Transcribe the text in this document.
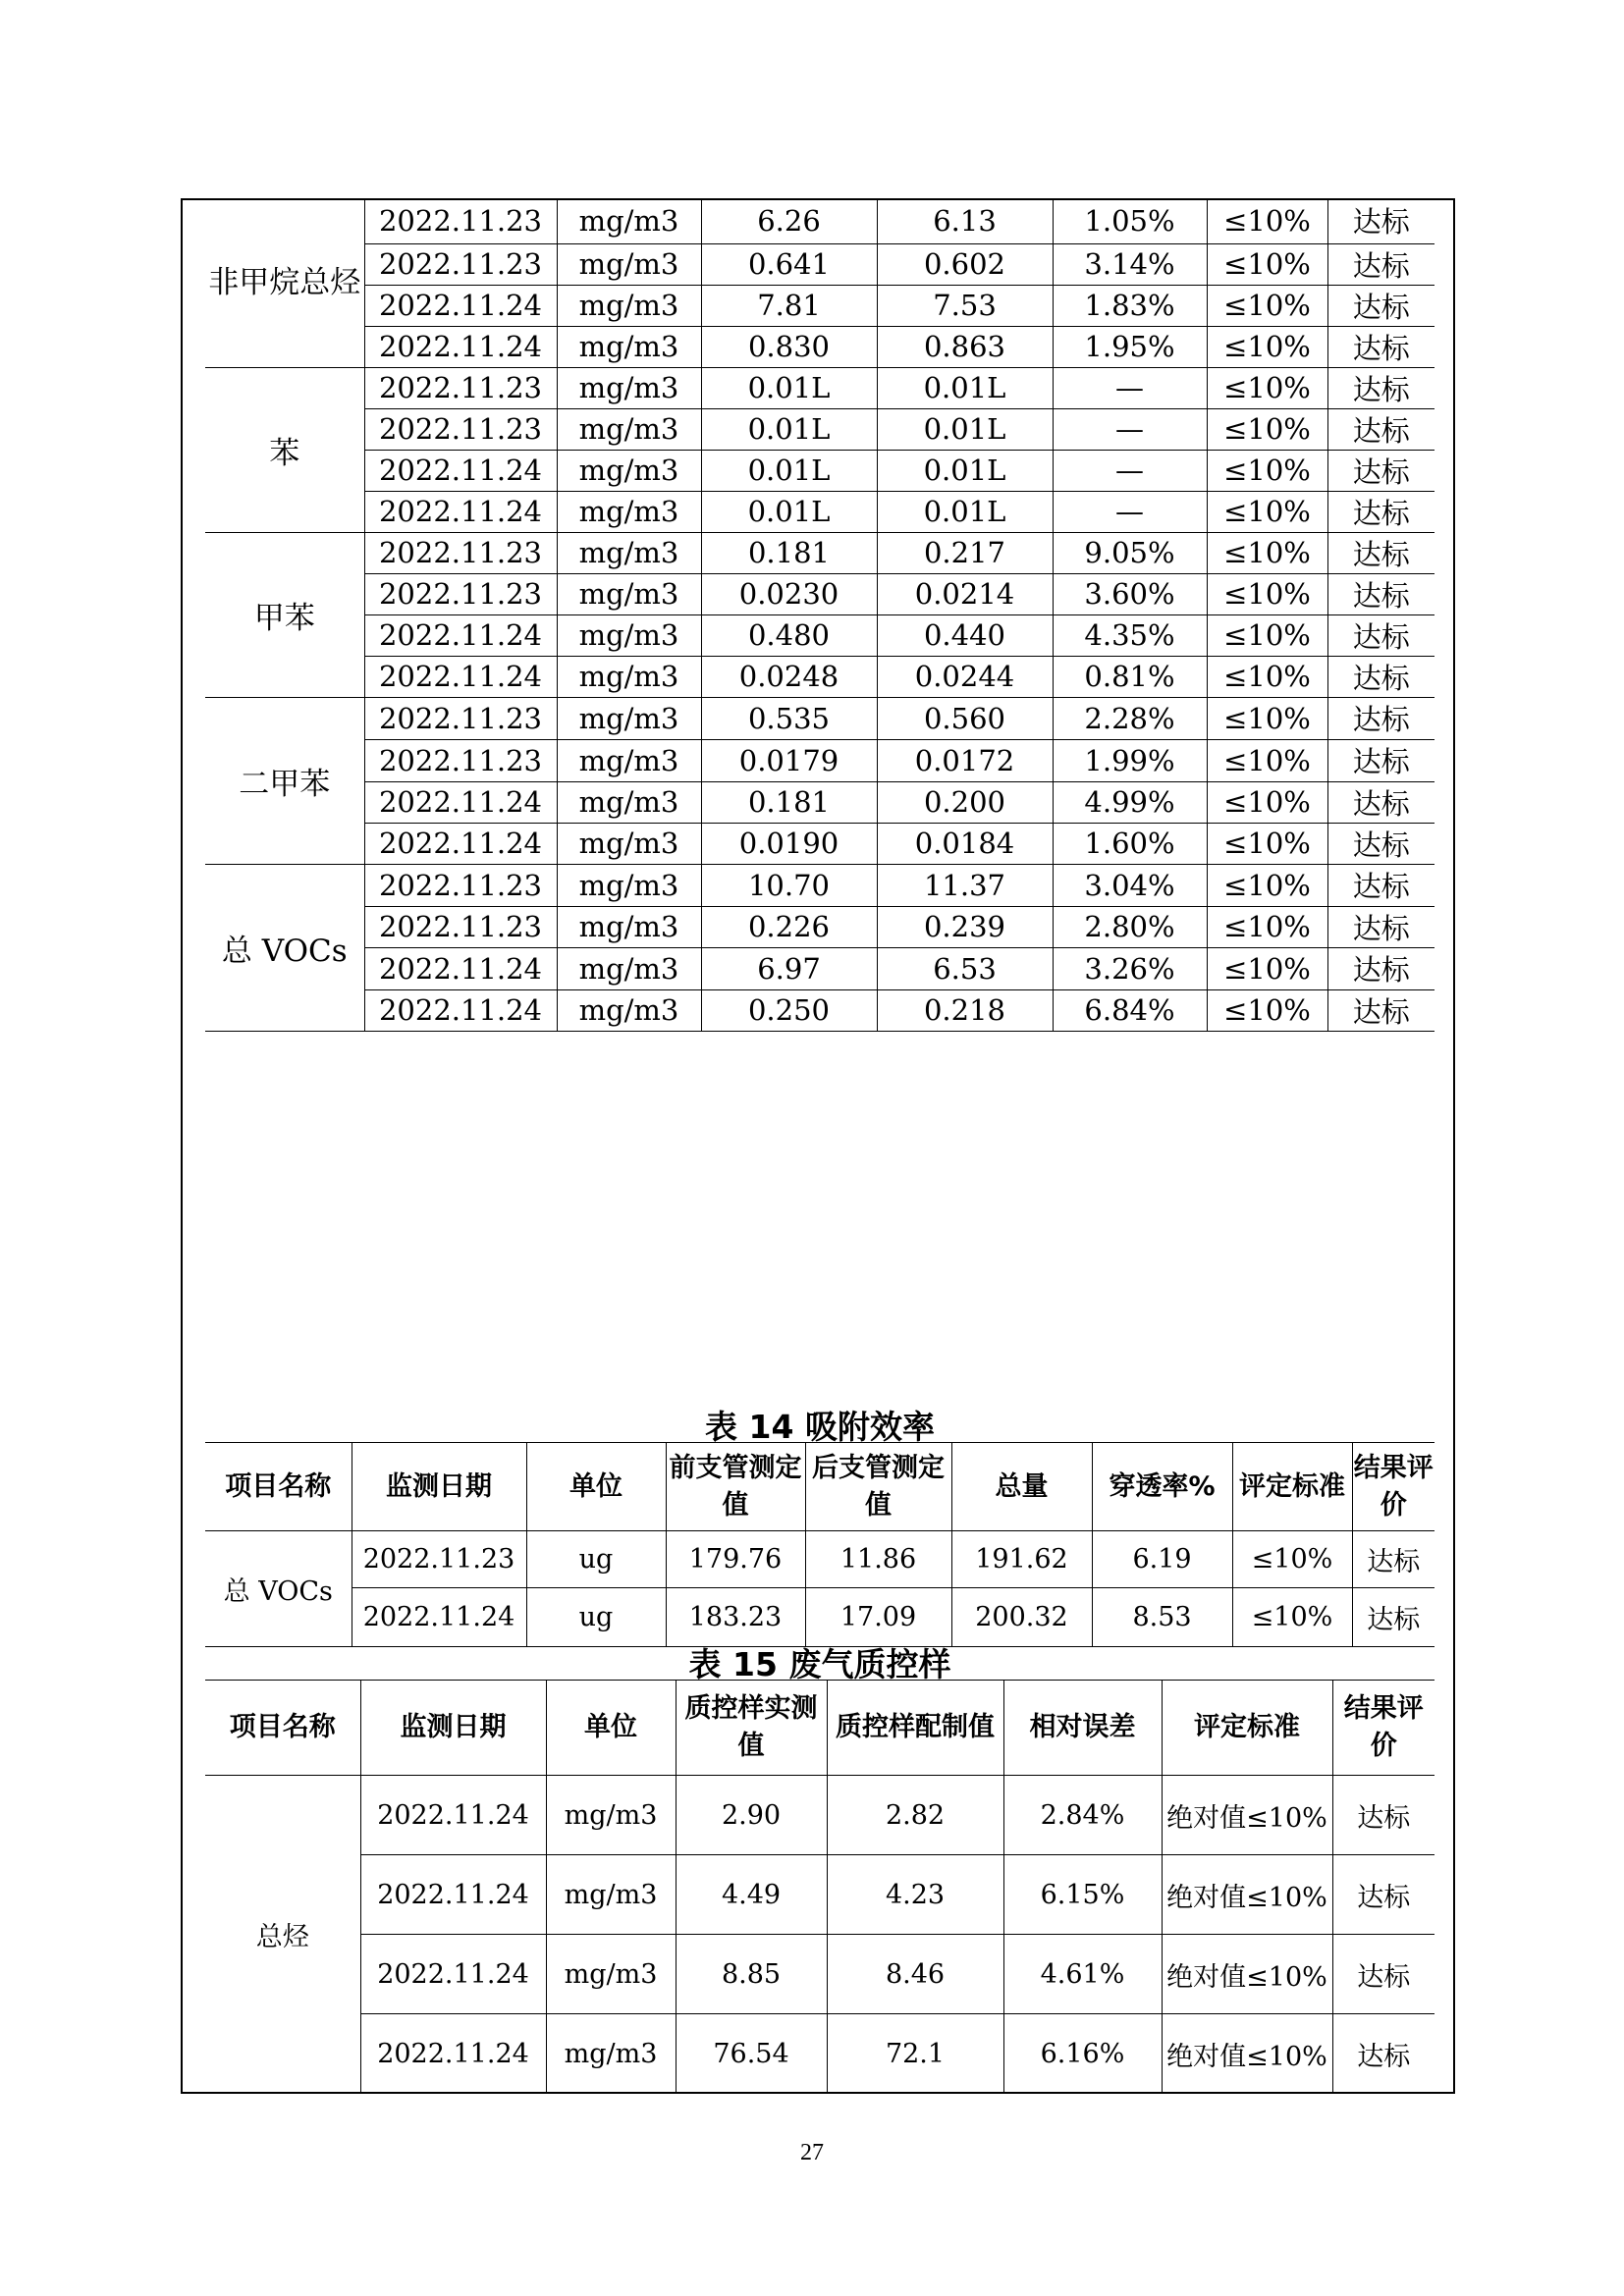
非甲烷总烃	2022.11.23	mg/m3	6.26	6.13	1.05%	≤10%	达标
	2022.11.23	mg/m3	0.641	0.602	3.14%	≤10%	达标
	2022.11.24	mg/m3	7.81	7.53	1.83%	≤10%	达标
	2022.11.24	mg/m3	0.830	0.863	1.95%	≤10%	达标
苯	2022.11.23	mg/m3	0.01L	0.01L	—	≤10%	达标
	2022.11.23	mg/m3	0.01L	0.01L	—	≤10%	达标
	2022.11.24	mg/m3	0.01L	0.01L	—	≤10%	达标
	2022.11.24	mg/m3	0.01L	0.01L	—	≤10%	达标
甲苯	2022.11.23	mg/m3	0.181	0.217	9.05%	≤10%	达标
	2022.11.23	mg/m3	0.0230	0.0214	3.60%	≤10%	达标
	2022.11.24	mg/m3	0.480	0.440	4.35%	≤10%	达标
	2022.11.24	mg/m3	0.0248	0.0244	0.81%	≤10%	达标
二甲苯	2022.11.23	mg/m3	0.535	0.560	2.28%	≤10%	达标
	2022.11.23	mg/m3	0.0179	0.0172	1.99%	≤10%	达标
	2022.11.24	mg/m3	0.181	0.200	4.99%	≤10%	达标
	2022.11.24	mg/m3	0.0190	0.0184	1.60%	≤10%	达标
总 VOCs	2022.11.23	mg/m3	10.70	11.37	3.04%	≤10%	达标
	2022.11.23	mg/m3	0.226	0.239	2.80%	≤10%	达标
	2022.11.24	mg/m3	6.97	6.53	3.26%	≤10%	达标
	2022.11.24	mg/m3	0.250	0.218	6.84%	≤10%	达标
表 14 吸附效率
项目名称	监测日期	单位	前支管测定值	后支管测定值	总量	穿透率%	评定标准	结果评价
总 VOCs	2022.11.23	ug	179.76	11.86	191.62	6.19	≤10%	达标
	2022.11.24	ug	183.23	17.09	200.32	8.53	≤10%	达标
表 15 废气质控样
项目名称	监测日期	单位	质控样实测值	质控样配制值	相对误差	评定标准	结果评价
总烃	2022.11.24	mg/m3	2.90	2.82	2.84%	绝对值≤10%	达标
	2022.11.24	mg/m3	4.49	4.23	6.15%	绝对值≤10%	达标
	2022.11.24	mg/m3	8.85	8.46	4.61%	绝对值≤10%	达标
	2022.11.24	mg/m3	76.54	72.1	6.16%	绝对值≤10%	达标
27
